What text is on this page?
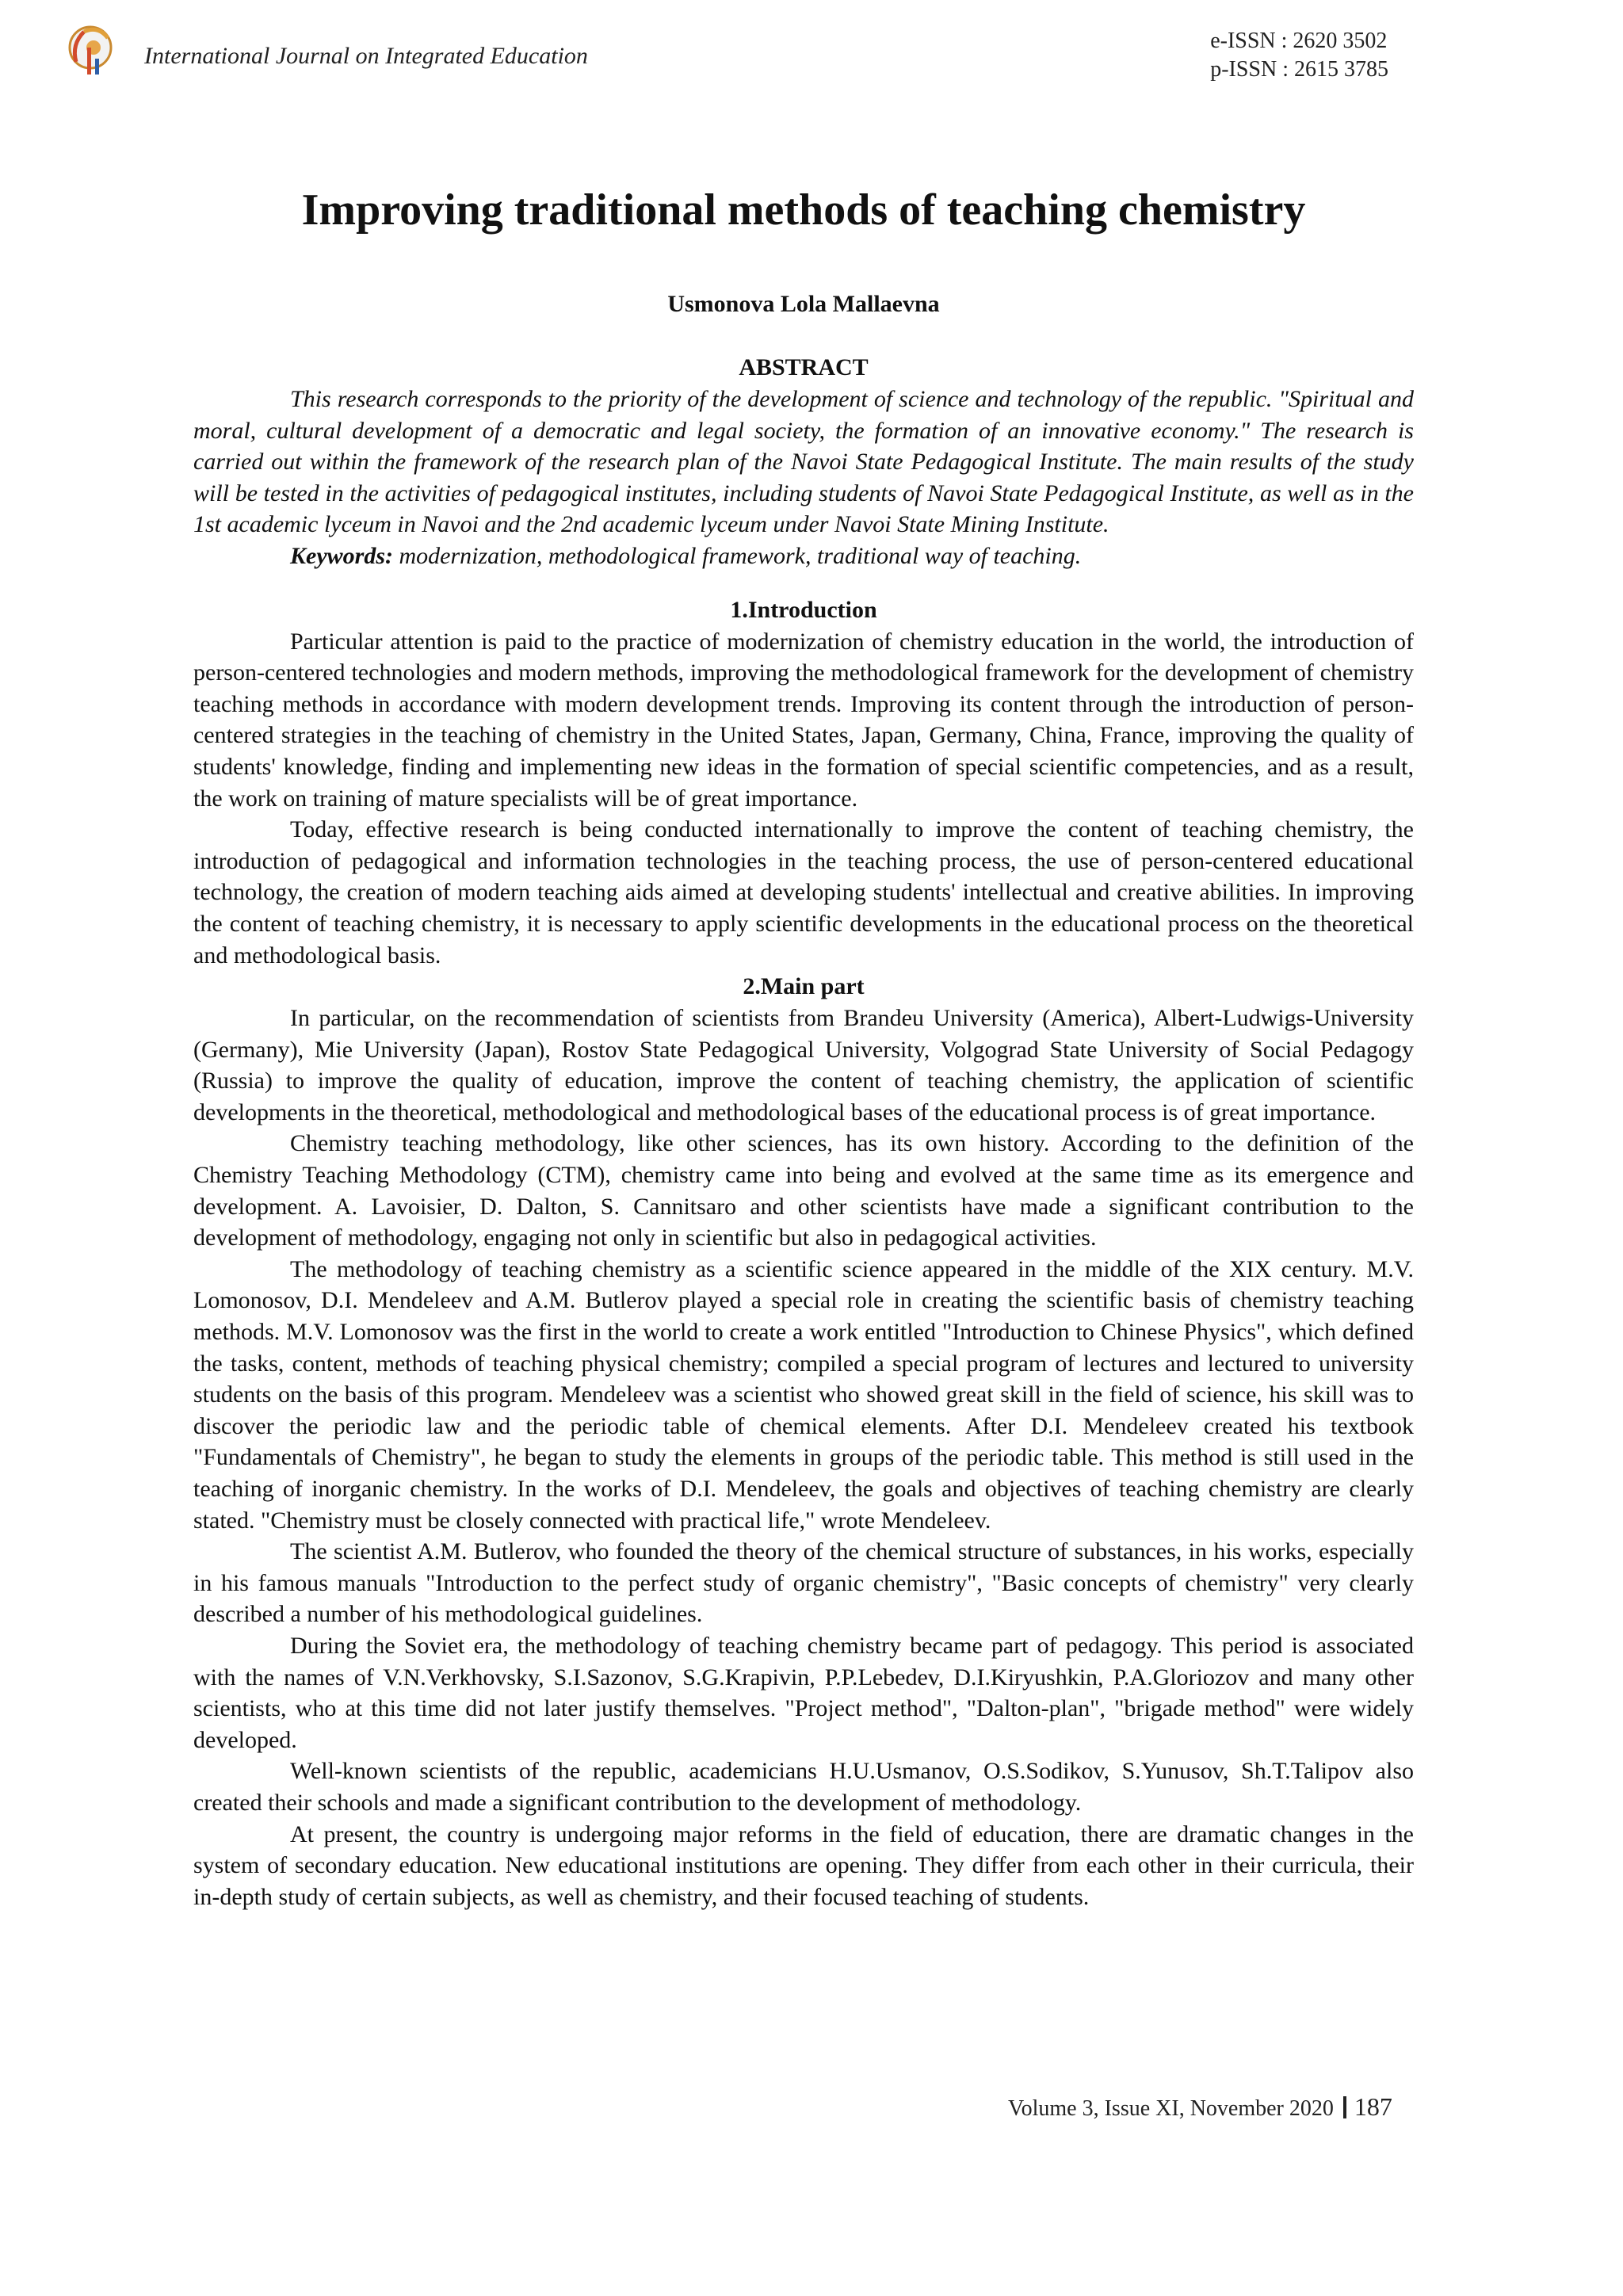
International Journal on Integrated Education
e-ISSN : 2620 3502
p-ISSN : 2615 3785
Improving traditional methods of teaching chemistry
Usmonova Lola Mallaevna
ABSTRACT

This research corresponds to the priority of the development of science and technology of the republic. "Spiritual and moral, cultural development of a democratic and legal society, the formation of an innovative economy." The research is carried out within the framework of the research plan of the Navoi State Pedagogical Institute. The main results of the study will be tested in the activities of pedagogical institutes, including students of Navoi State Pedagogical Institute, as well as in the 1st academic lyceum in Navoi and the 2nd academic lyceum under Navoi State Mining Institute.

Keywords: modernization, methodological framework, traditional way of teaching.

1.Introduction

Particular attention is paid to the practice of modernization of chemistry education in the world, the introduction of person-centered technologies and modern methods, improving the methodological framework for the development of chemistry teaching methods in accordance with modern development trends. Improving its content through the introduction of person-centered strategies in the teaching of chemistry in the United States, Japan, Germany, China, France, improving the quality of students' knowledge, finding and implementing new ideas in the formation of special scientific competencies, and as a result, the work on training of mature specialists will be of great importance.

Today, effective research is being conducted internationally to improve the content of teaching chemistry, the introduction of pedagogical and information technologies in the teaching process, the use of person-centered educational technology, the creation of modern teaching aids aimed at developing students' intellectual and creative abilities. In improving the content of teaching chemistry, it is necessary to apply scientific developments in the educational process on the theoretical and methodological basis.

2.Main part

In particular, on the recommendation of scientists from Brandeu University (America), Albert-Ludwigs-University (Germany), Mie University (Japan), Rostov State Pedagogical University, Volgograd State University of Social Pedagogy (Russia) to improve the quality of education, improve the content of teaching chemistry, the application of scientific developments in the theoretical, methodological and methodological bases of the educational process is of great importance.

Chemistry teaching methodology, like other sciences, has its own history. According to the definition of the Chemistry Teaching Methodology (CTM), chemistry came into being and evolved at the same time as its emergence and development. A. Lavoisier, D. Dalton, S. Cannitsaro and other scientists have made a significant contribution to the development of methodology, engaging not only in scientific but also in pedagogical activities.

The methodology of teaching chemistry as a scientific science appeared in the middle of the XIX century. M.V. Lomonosov, D.I. Mendeleev and A.M. Butlerov played a special role in creating the scientific basis of chemistry teaching methods. M.V. Lomonosov was the first in the world to create a work entitled "Introduction to Chinese Physics", which defined the tasks, content, methods of teaching physical chemistry; compiled a special program of lectures and lectured to university students on the basis of this program. Mendeleev was a scientist who showed great skill in the field of science, his skill was to discover the periodic law and the periodic table of chemical elements. After D.I. Mendeleev created his textbook "Fundamentals of Chemistry", he began to study the elements in groups of the periodic table. This method is still used in the teaching of inorganic chemistry. In the works of D.I. Mendeleev, the goals and objectives of teaching chemistry are clearly stated. "Chemistry must be closely connected with practical life," wrote Mendeleev.

The scientist A.M. Butlerov, who founded the theory of the chemical structure of substances, in his works, especially in his famous manuals "Introduction to the perfect study of organic chemistry", "Basic concepts of chemistry" very clearly described a number of his methodological guidelines.

During the Soviet era, the methodology of teaching chemistry became part of pedagogy. This period is associated with the names of V.N.Verkhovsky, S.I.Sazonov, S.G.Krapivin, P.P.Lebedev, D.I.Kiryushkin, P.A.Gloriozov and many other scientists, who at this time did not later justify themselves. "Project method", "Dalton-plan", "brigade method" were widely developed.

Well-known scientists of the republic, academicians H.U.Usmanov, O.S.Sodikov, S.Yunusov, Sh.T.Talipov also created their schools and made a significant contribution to the development of methodology.

At present, the country is undergoing major reforms in the field of education, there are dramatic changes in the system of secondary education. New educational institutions are opening. They differ from each other in their curricula, their in-depth study of certain subjects, as well as chemistry, and their focused teaching of students.

Volume 3, Issue XI, November 2020 187
